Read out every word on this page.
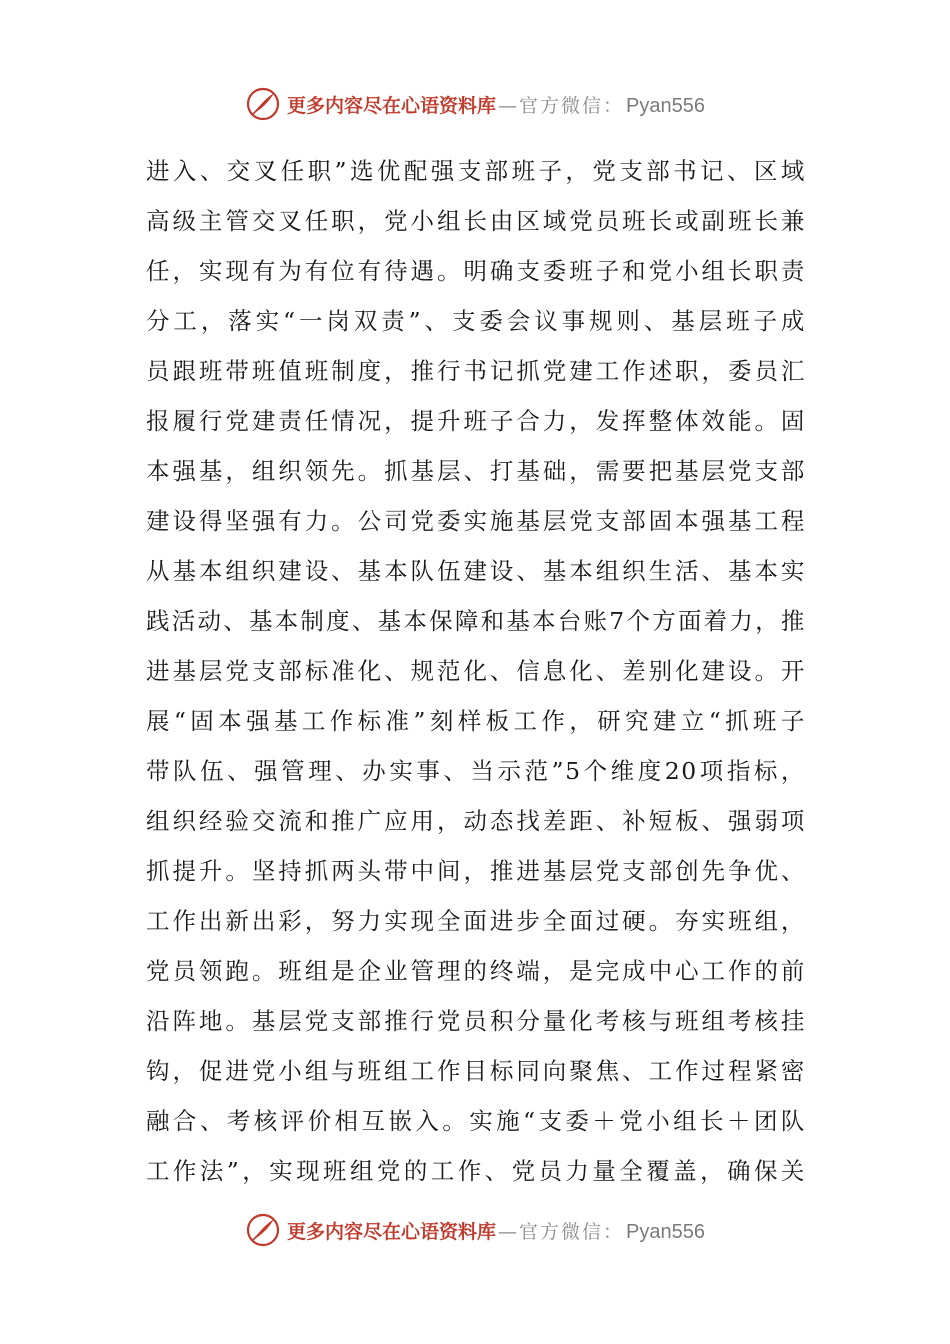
更多内容尽在心语资料库 — 官方微信： Pyan556
进入、交叉任职”选优配强支部班子，党支部书记、区域
高级主管交叉任职，党小组长由区域党员班长或副班长兼
任，实现有为有位有待遇。明确支委班子和党小组长职责
分工，落实“一岗双责”、支委会议事规则、基层班子成
员跟班带班值班制度，推行书记抓党建工作述职，委员汇
报履行党建责任情况，提升班子合力，发挥整体效能。固
本强基，组织领先。抓基层、打基础，需要把基层党支部
建设得坚强有力。公司党委实施基层党支部固本强基工程
从基本组织建设、基本队伍建设、基本组织生活、基本实
践活动、基本制度、基本保障和基本台账7个方面着力，推
进基层党支部标准化、规范化、信息化、差别化建设。开
展“固本强基工作标准”刻样板工作，研究建立“抓班子
带队伍、强管理、办实事、当示范”5个维度20项指标，
组织经验交流和推广应用，动态找差距、补短板、强弱项
抓提升。坚持抓两头带中间，推进基层党支部创先争优、
工作出新出彩，努力实现全面进步全面过硬。夯实班组，
党员领跑。班组是企业管理的终端，是完成中心工作的前
沿阵地。基层党支部推行党员积分量化考核与班组考核挂
钩，促进党小组与班组工作目标同向聚焦、工作过程紧密
融合、考核评价相互嵌入。实施“支委＋党小组长＋团队
工作法”，实现班组党的工作、党员力量全覆盖，确保关
更多内容尽在心语资料库 — 官方微信： Pyan556
